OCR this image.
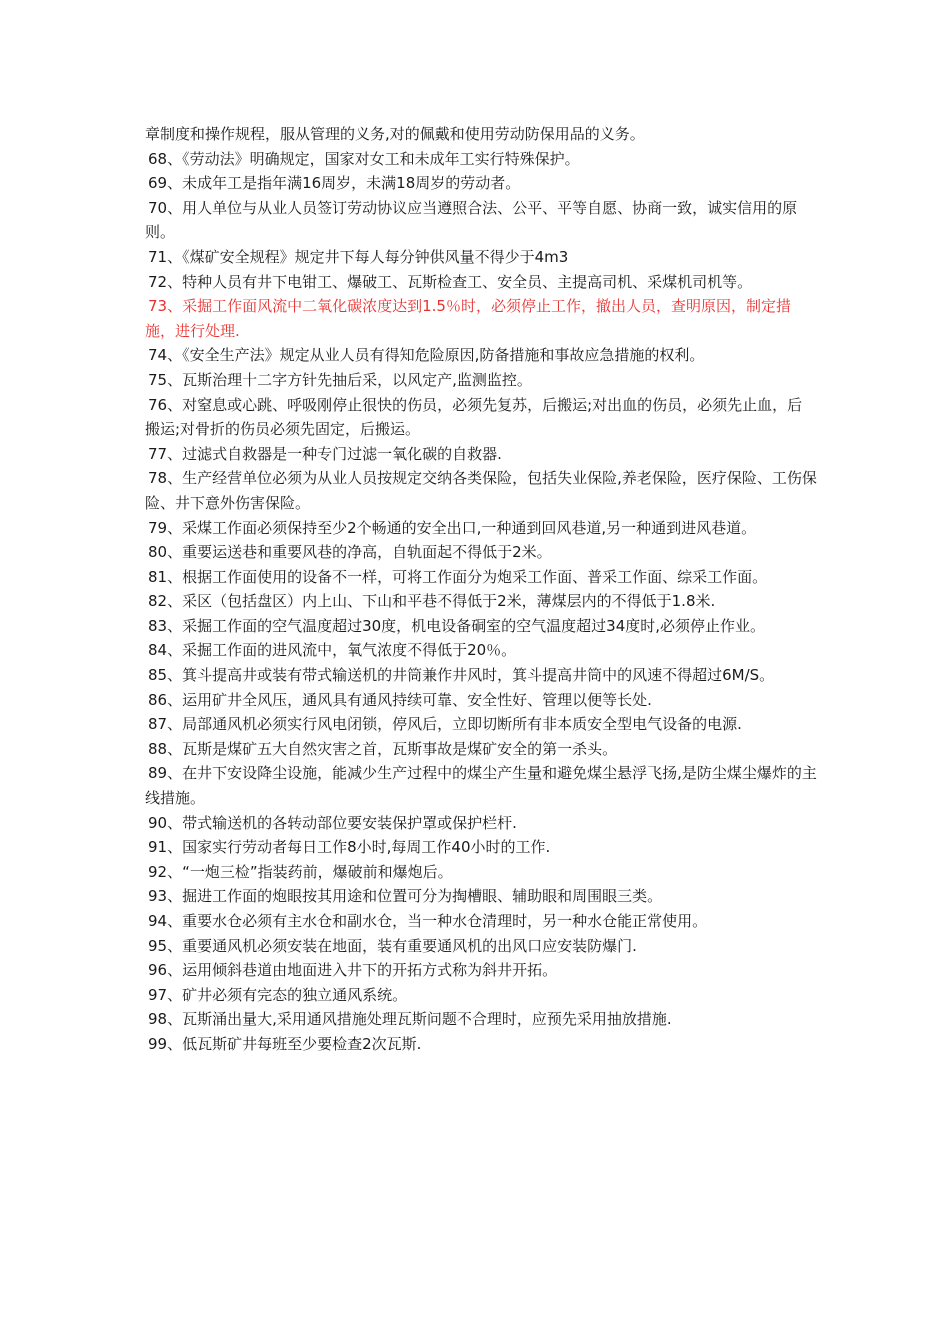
章制度和操作规程，服从管理的义务,对的佩戴和使用劳动防保用品的义务。

68、《劳动法》明确规定，国家对女工和未成年工实行特殊保护。

69、未成年工是指年满16周岁，未满18周岁的劳动者。

70、用人单位与从业人员签订劳动协议应当遵照合法、公平、平等自愿、协商一致，诚实信用的原则。

71、《煤矿安全规程》规定井下每人每分钟供风量不得少于4m3

72、特种人员有井下电钳工、爆破工、瓦斯检查工、安全员、主提高司机、采煤机司机等。

73、采掘工作面风流中二氧化碳浓度达到1.5％时，必须停止工作，撤出人员，查明原因，制定措施，进行处理.

74、《安全生产法》规定从业人员有得知危险原因,防备措施和事故应急措施的权利。

75、瓦斯治理十二字方针先抽后采，以风定产,监测监控。

76、对窒息或心跳、呼吸刚停止很快的伤员，必须先复苏，后搬运;对出血的伤员，必须先止血，后搬运;对骨折的伤员必须先固定，后搬运。

77、过滤式自救器是一种专门过滤一氧化碳的自救器.

78、生产经营单位必须为从业人员按规定交纳各类保险，包括失业保险,养老保险，医疗保险、工伤保险、井下意外伤害保险。

79、采煤工作面必须保持至少2个畅通的安全出口,一种通到回风巷道,另一种通到进风巷道。

80、重要运送巷和重要风巷的净高，自轨面起不得低于2米。

81、根据工作面使用的设备不一样，可将工作面分为炮采工作面、普采工作面、综采工作面。

82、采区（包括盘区）内上山、下山和平巷不得低于2米，薄煤层内的不得低于1.8米.

83、采掘工作面的空气温度超过30度，机电设备硐室的空气温度超过34度时,必须停止作业。

84、采掘工作面的进风流中，氧气浓度不得低于20％。

85、箕斗提高井或装有带式输送机的井筒兼作井风时，箕斗提高井筒中的风速不得超过6M/S。

86、运用矿井全风压，通风具有通风持续可靠、安全性好、管理以便等长处.

87、局部通风机必须实行风电闭锁，停风后，立即切断所有非本质安全型电气设备的电源.

88、瓦斯是煤矿五大自然灾害之首，瓦斯事故是煤矿安全的第一杀头。

89、在井下安设降尘设施，能减少生产过程中的煤尘产生量和避免煤尘悬浮飞扬,是防尘煤尘爆炸的主线措施。

90、带式输送机的各转动部位要安装保护罩或保护栏杆.

91、国家实行劳动者每日工作8小时,每周工作40小时的工作.

92、“一炮三检”指装药前，爆破前和爆炮后。

93、掘进工作面的炮眼按其用途和位置可分为掏槽眼、辅助眼和周围眼三类。

94、重要水仓必须有主水仓和副水仓，当一种水仓清理时，另一种水仓能正常使用。

95、重要通风机必须安装在地面，装有重要通风机的出风口应安装防爆门.

96、运用倾斜巷道由地面进入井下的开拓方式称为斜井开拓。

97、矿井必须有完态的独立通风系统。

98、瓦斯涌出量大,采用通风措施处理瓦斯问题不合理时，应预先采用抽放措施.

99、低瓦斯矿井每班至少要检查2次瓦斯.
